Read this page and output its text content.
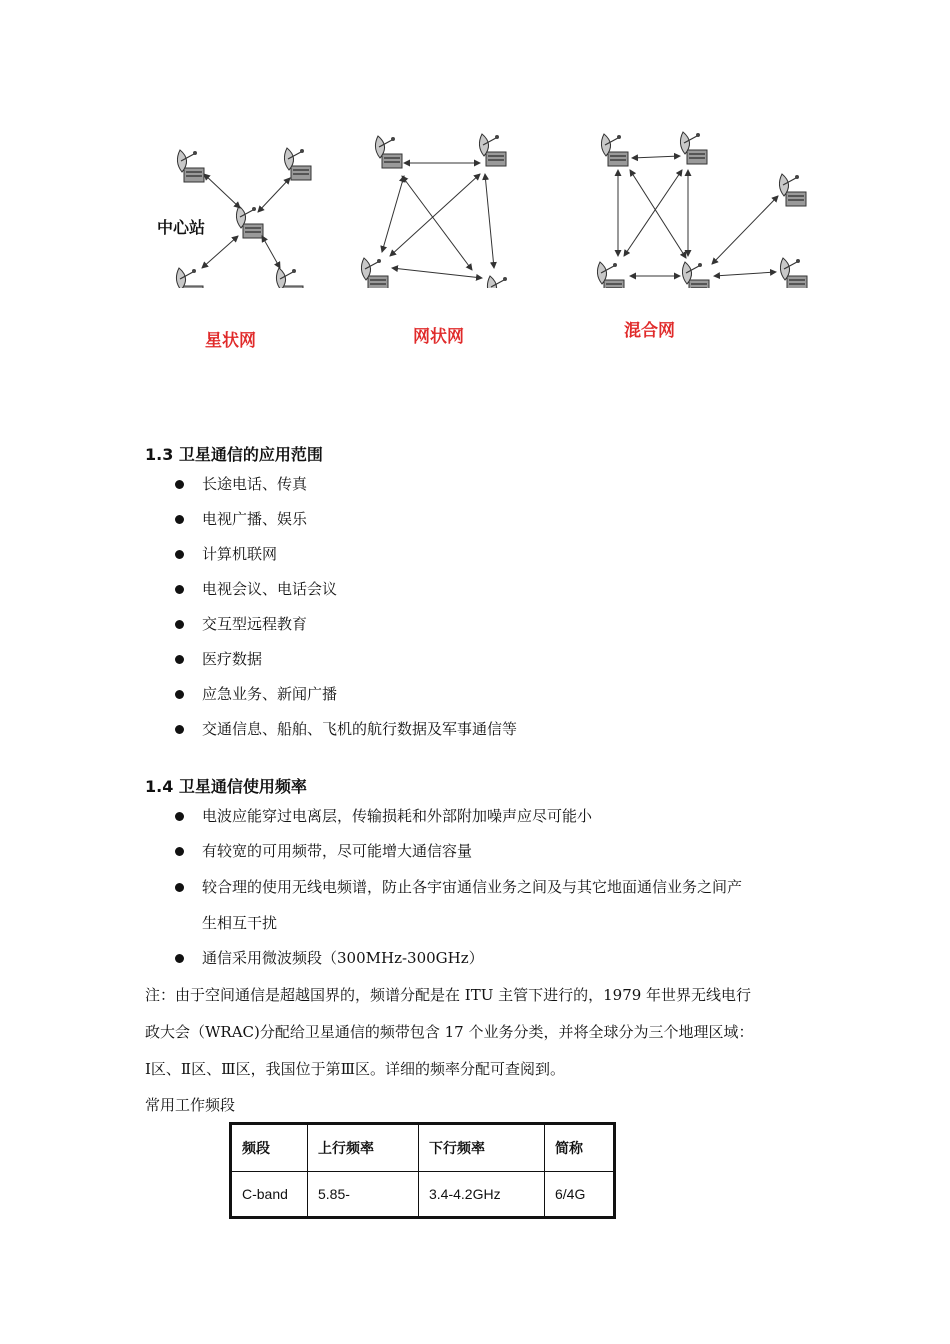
中心站
星状网	网状网	混合网
1.3 卫星通信的应用范围
长途电话、传真
电视广播、娱乐
计算机联网
电视会议、电话会议
交互型远程教育
医疗数据
应急业务、新闻广播
交通信息、船舶、飞机的航行数据及军事通信等
1.4 卫星通信使用频率
电波应能穿过电离层，传输损耗和外部附加噪声应尽可能小
有较宽的可用频带，尽可能增大通信容量
较合理的使用无线电频谱，防止各宇宙通信业务之间及与其它地面通信业务之间产
生相互干扰
通信采用微波频段（300MHz-300GHz）
注：由于空间通信是超越国界的，频谱分配是在 ITU 主管下进行的，1979 年世界无线电行
政大会（WRAC)分配给卫星通信的频带包含 17 个业务分类，并将全球分为三个地理区域：
Ⅰ区、Ⅱ区、Ⅲ区，我国位于第Ⅲ区。详细的频率分配可查阅到。
常用工作频段
频段	上行频率	下行频率	简称
C-band	5.85-	3.4-4.2GHz	6/4G
